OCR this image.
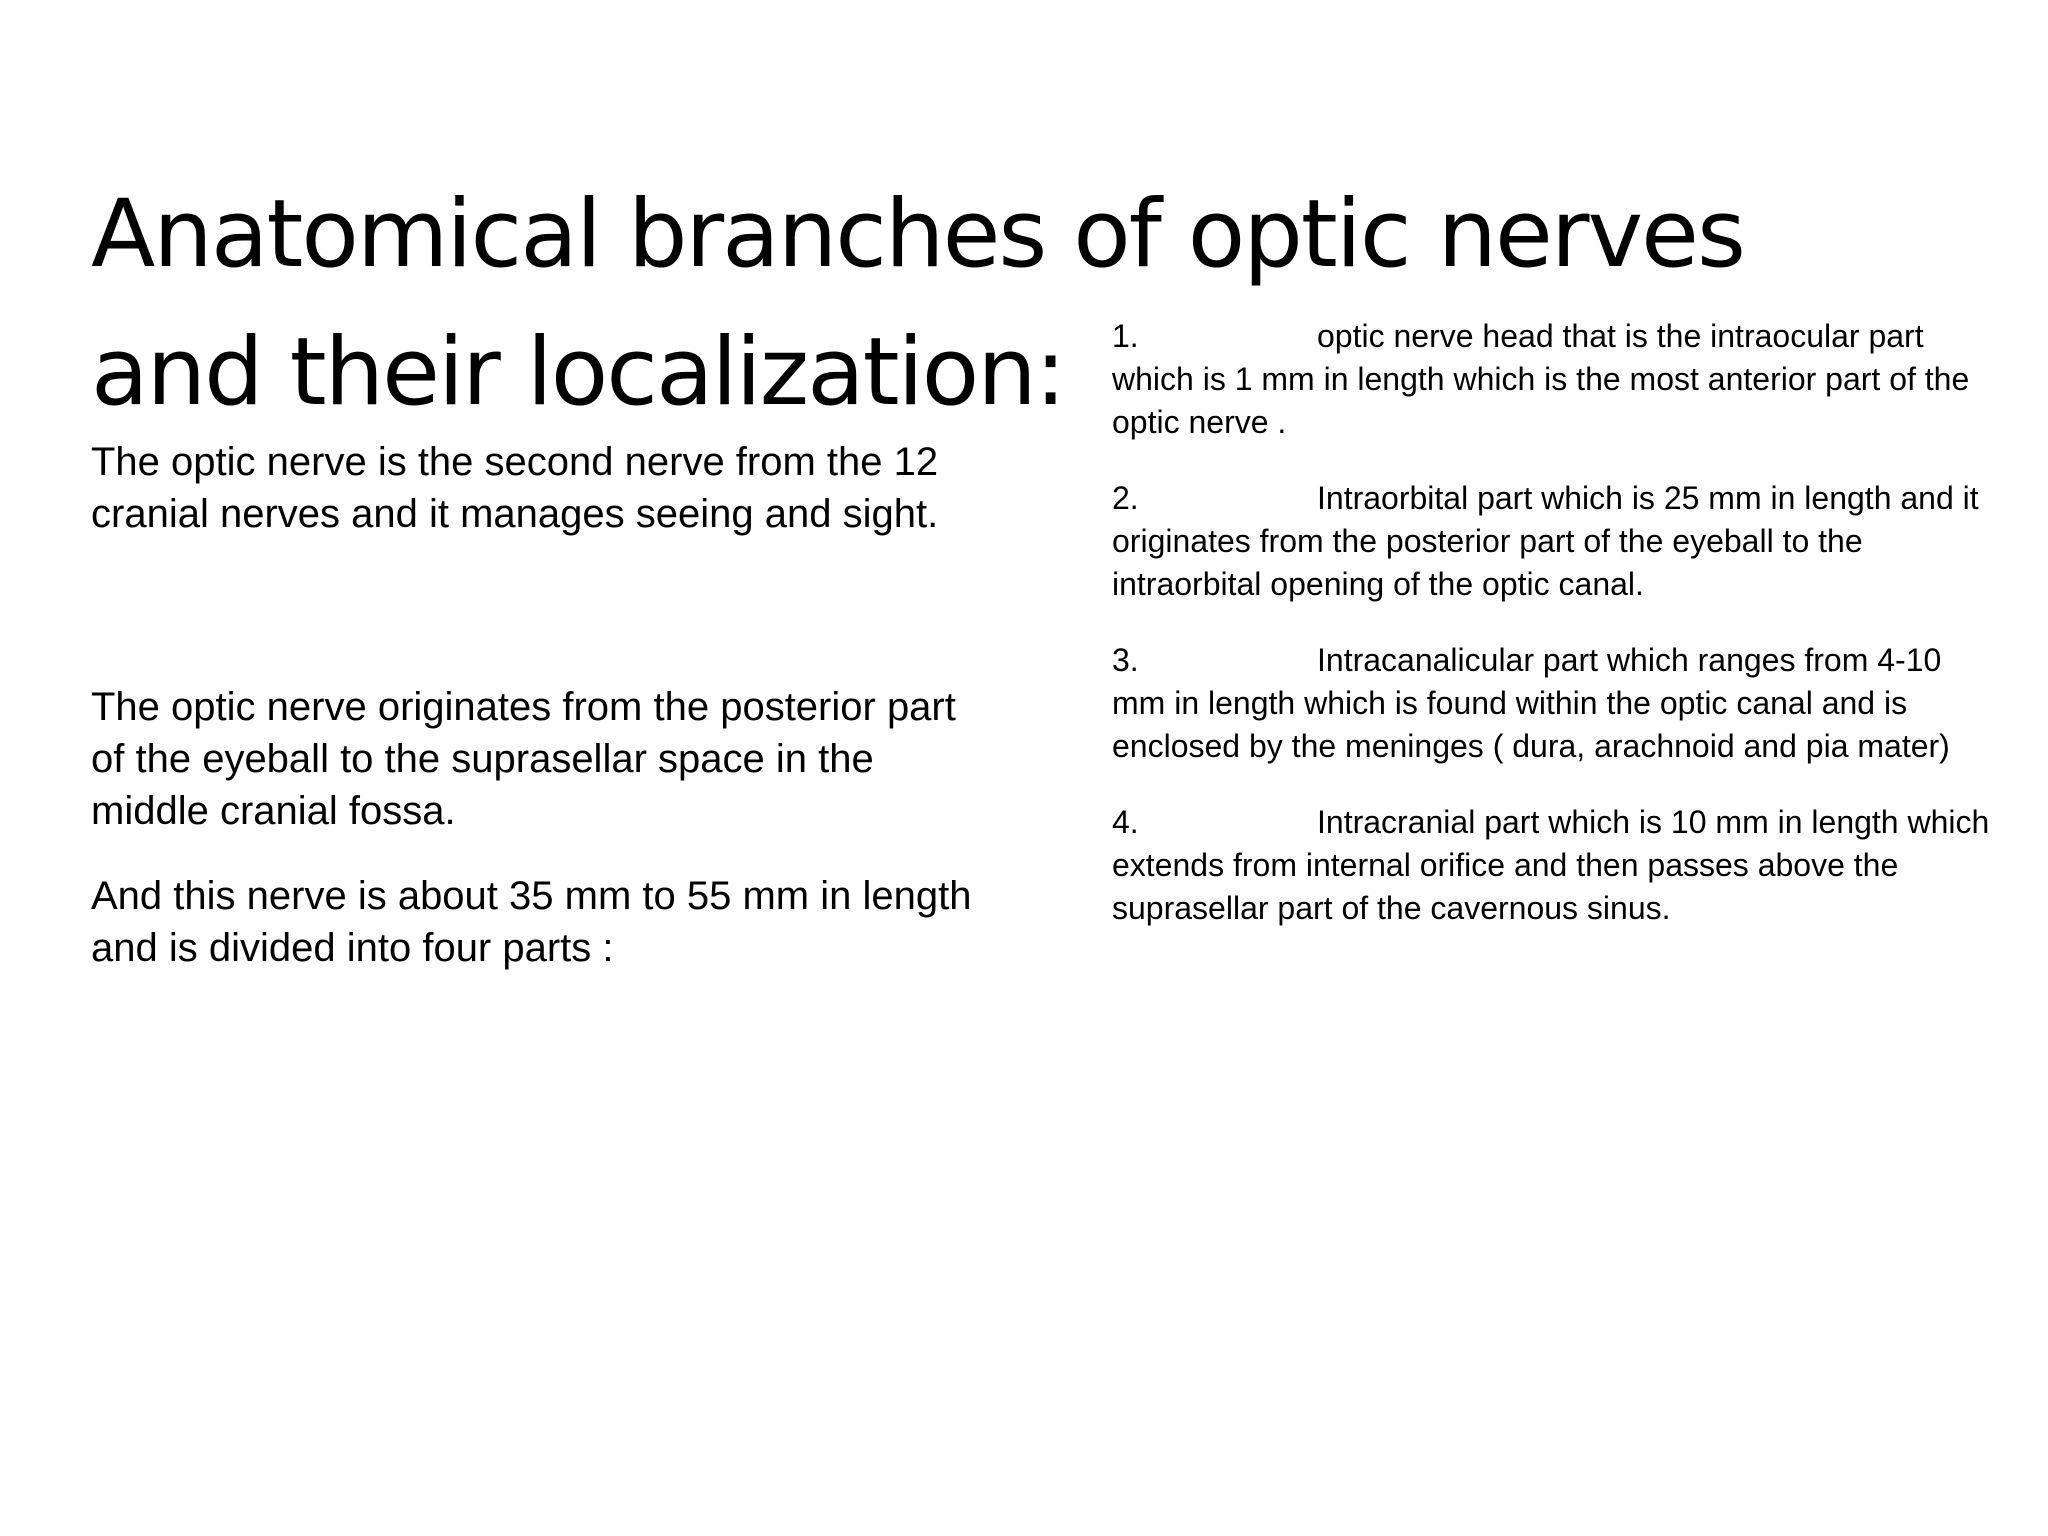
Anatomical branches of optic nerves
and their localization:

The optic nerve is the second nerve from the 12 cranial nerves and it manages seeing and sight.

The optic nerve originates from the posterior part of the eyeball to the suprasellar space in the middle cranial fossa.

And this nerve is about 35 mm to 55 mm in length and is divided into four parts :

1.	optic nerve head that is the intraocular part which is 1 mm in length which is the most anterior part of the optic nerve .

2.	Intraorbital part which is 25 mm in length and it originates from the posterior part of the eyeball to the intraorbital opening of the optic canal.

3.	Intracanalicular part which ranges from 4-10 mm in length which is found within the optic canal and is enclosed by the meninges ( dura, arachnoid and pia mater)

4.	Intracranial part which is 10 mm in length which extends from internal orifice and then passes above the suprasellar part of the cavernous sinus.
